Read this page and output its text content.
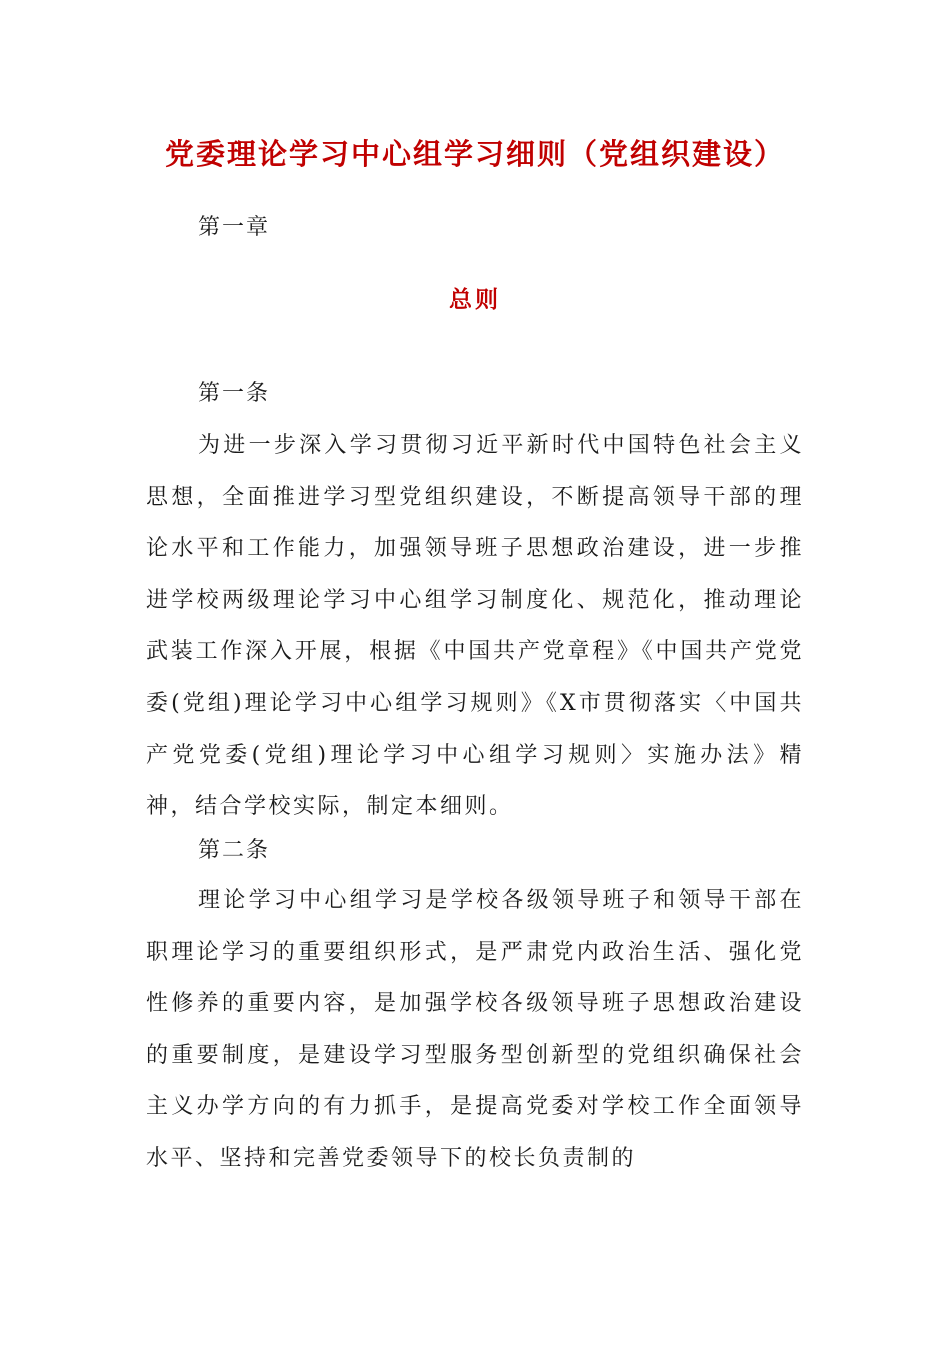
党委理论学习中心组学习细则（党组织建设）
第一章
总则
第一条

为进一步深入学习贯彻习近平新时代中国特色社会主义思想，全面推进学习型党组织建设，不断提高领导干部的理论水平和工作能力，加强领导班子思想政治建设，进一步推进学校两级理论学习中心组学习制度化、规范化，推动理论武装工作深入开展，根据《中国共产党章程》《中国共产党党委(党组)理论学习中心组学习规则》《X市贯彻落实〈中国共产党党委(党组)理论学习中心组学习规则〉实施办法》精神，结合学校实际，制定本细则。

第二条

理论学习中心组学习是学校各级领导班子和领导干部在职理论学习的重要组织形式，是严肃党内政治生活、强化党性修养的重要内容，是加强学校各级领导班子思想政治建设的重要制度，是建设学习型服务型创新型的党组织确保社会主义办学方向的有力抓手，是提高党委对学校工作全面领导水平、坚持和完善党委领导下的校长负责制的
